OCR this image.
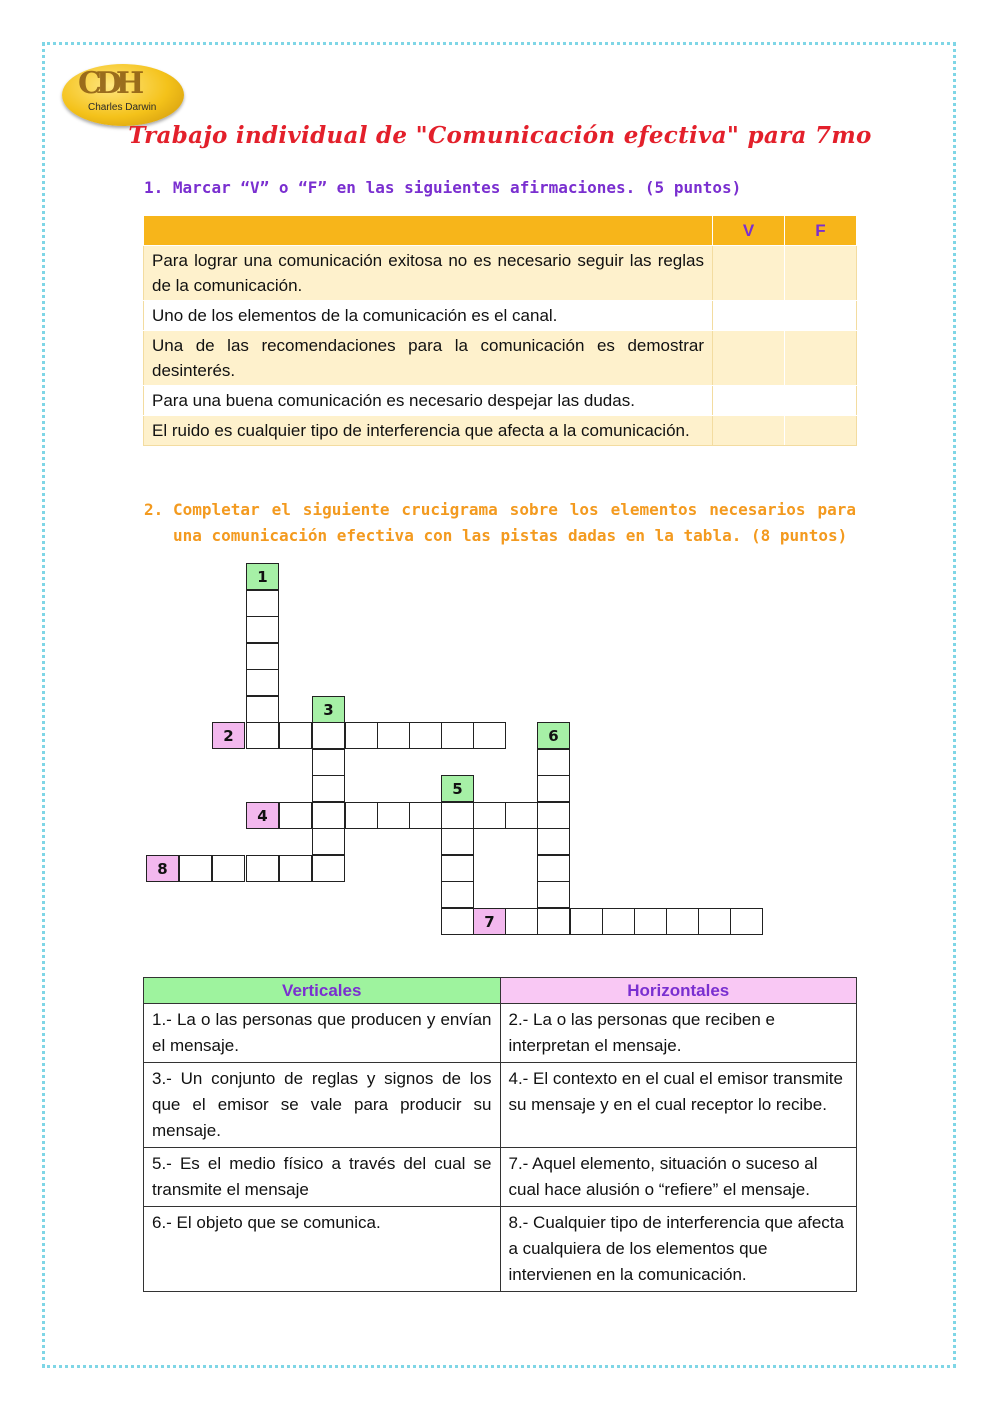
CDH
Charles Darwin
Trabajo individual de "Comunicación efectiva" para 7mo
1. Marcar “V” o “F” en las siguientes afirmaciones. (5 puntos)
	V	F
Para lograr una comunicación exitosa no es necesario seguir las reglas de la comunicación.		
Uno de los elementos de la comunicación es el canal.		
Una de las recomendaciones para la comunicación es demostrar desinterés.		
Para una buena comunicación es necesario despejar las dudas.		
El ruido es cualquier tipo de interferencia que afecta a la comunicación.		
2. Completar el siguiente crucigrama sobre los elementos necesarios para una comunicación efectiva con las pistas dadas en la tabla. (8 puntos)
1
3
2	6
5
4
8
7
Verticales	Horizontales
1.- La o las personas que producen y envían el mensaje.	2.- La o las personas que reciben e interpretan el mensaje.
3.- Un conjunto de reglas y signos de los que el emisor se vale para producir su mensaje.	4.- El contexto en el cual el emisor transmite su mensaje y en el cual receptor lo recibe.
5.- Es el medio físico a través del cual se transmite el mensaje	7.- Aquel elemento, situación o suceso al cual hace alusión o “refiere” el mensaje.
6.- El objeto que se comunica.	8.- Cualquier tipo de interferencia que afecta a cualquiera de los elementos que intervienen en la comunicación.
